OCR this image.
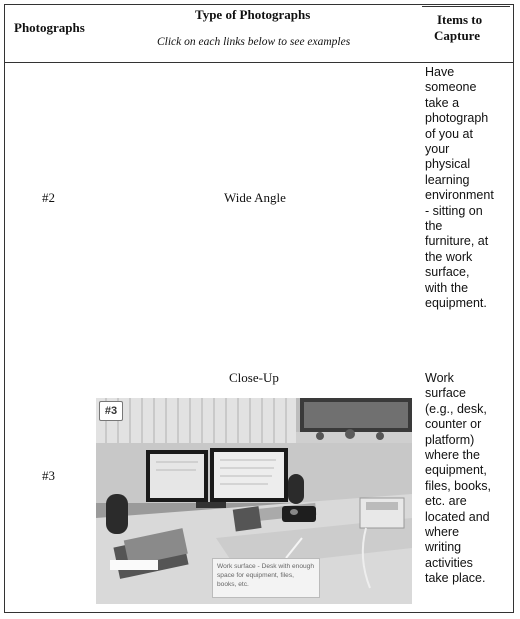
Photographs
Type of Photographs
Click on each links below to see examples
Items to
Capture
#2	Wide Angle
Have
someone
take a
photograph
of you at
your
physical
learning
environment
- sitting on
the
furniture, at
the work
surface,
with the
equipment.
#3
Close-Up	Work
surface
(e.g., desk,
counter or
platform)
where the
equipment,
files, books,
etc. are
located and
where
writing
activities
take place.
#3
Work surface - Desk with enough space for equipment, files, books, etc.
